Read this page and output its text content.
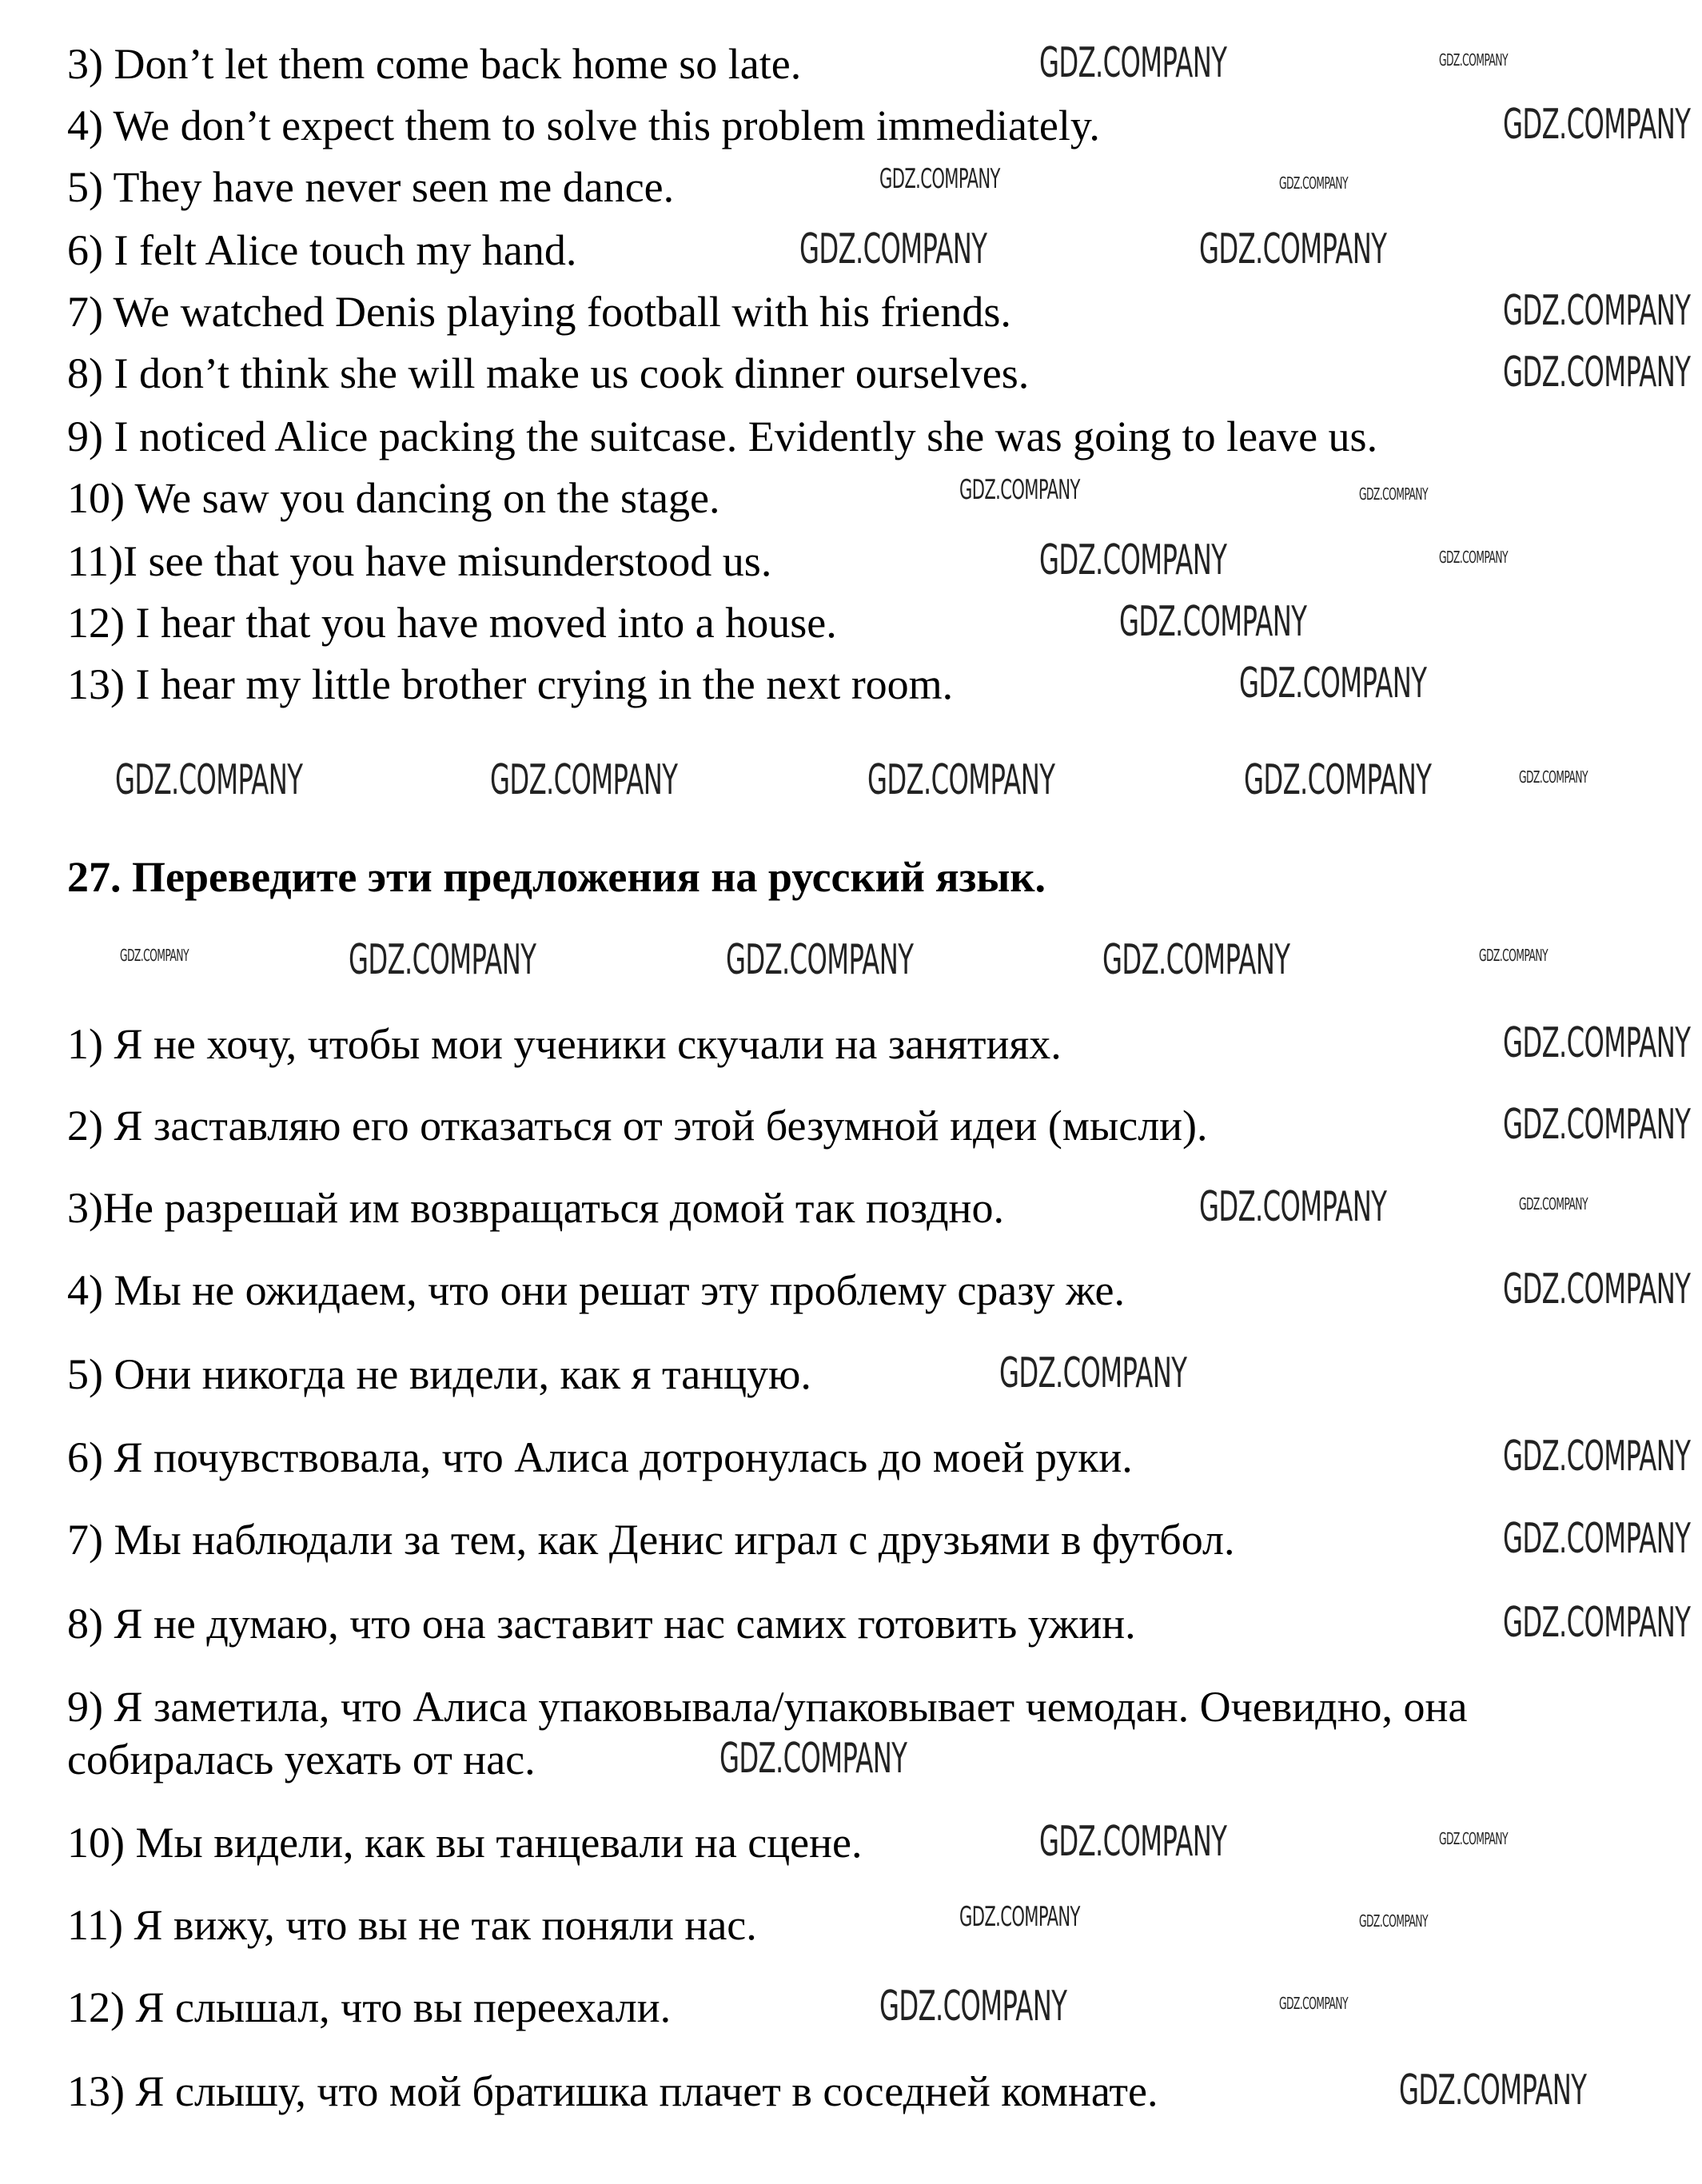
3) Don’t let them come back home so late.
4) We don’t expect them to solve this problem immediately.
5) They have never seen me dance.
6) I felt Alice touch my hand.
7) We watched Denis playing football with his friends.
8) I don’t think she will make us cook dinner ourselves.
9) I noticed Alice packing the suitcase. Evidently she was going to leave us.
10) We saw you dancing on the stage.
11)I see that you have misunderstood us.
12) I hear that you have moved into a house.
13) I hear my little brother crying in the next room.
27. Переведите эти предложения на русский язык.
1) Я не хочу, чтобы мои ученики скучали на занятиях.
2) Я заставляю его отказаться от этой безумной идеи (мысли).
3)Не разрешай им возвращаться домой так поздно.
4) Мы не ожидаем, что они решат эту проблему сразу же.
5) Они никогда не видели, как я танцую.
6) Я почувствовала, что Алиса дотронулась до моей руки.
7) Мы наблюдали за тем, как Денис играл с друзьями в футбол.
8) Я не думаю, что она заставит нас самих готовить ужин.
9) Я заметила, что Алиса упаковывала/упаковывает чемодан. Очевидно, она
собиралась уехать от нас.
10) Мы видели, как вы танцевали на сцене.
11) Я вижу, что вы не так поняли нас.
12) Я слышал, что вы переехали.
13) Я слышу, что мой братишка плачет в соседней комнате.
GDZ.COMPANY	GDZ.COMPANY	GDZ.COMPANY	GDZ.COMPANY	GDZ.COMPANY
GDZ.COMPANY	GDZ.COMPANY	GDZ.COMPANY
GDZ.COMPANY	GDZ.COMPANY
GDZ.COMPANY	GDZ.COMPANY
GDZ.COMPANY
GDZ.COMPANY	GDZ.COMPANY
GDZ.COMPANY	GDZ.COMPANY
GDZ.COMPANY
GDZ.COMPANY
GDZ.COMPANY	GDZ.COMPANY
GDZ.COMPANY	GDZ.COMPANY
GDZ.COMPANY
GDZ.COMPANY
GDZ.COMPANY
GDZ.COMPANY
GDZ.COMPANY	GDZ.COMPANY
GDZ.COMPANY
GDZ.COMPANY
GDZ.COMPANY
GDZ.COMPANY
GDZ.COMPANY
GDZ.COMPANY
GDZ.COMPANY	GDZ.COMPANY
GDZ.COMPANY	GDZ.COMPANY
GDZ.COMPANY	GDZ.COMPANY
GDZ.COMPANY
